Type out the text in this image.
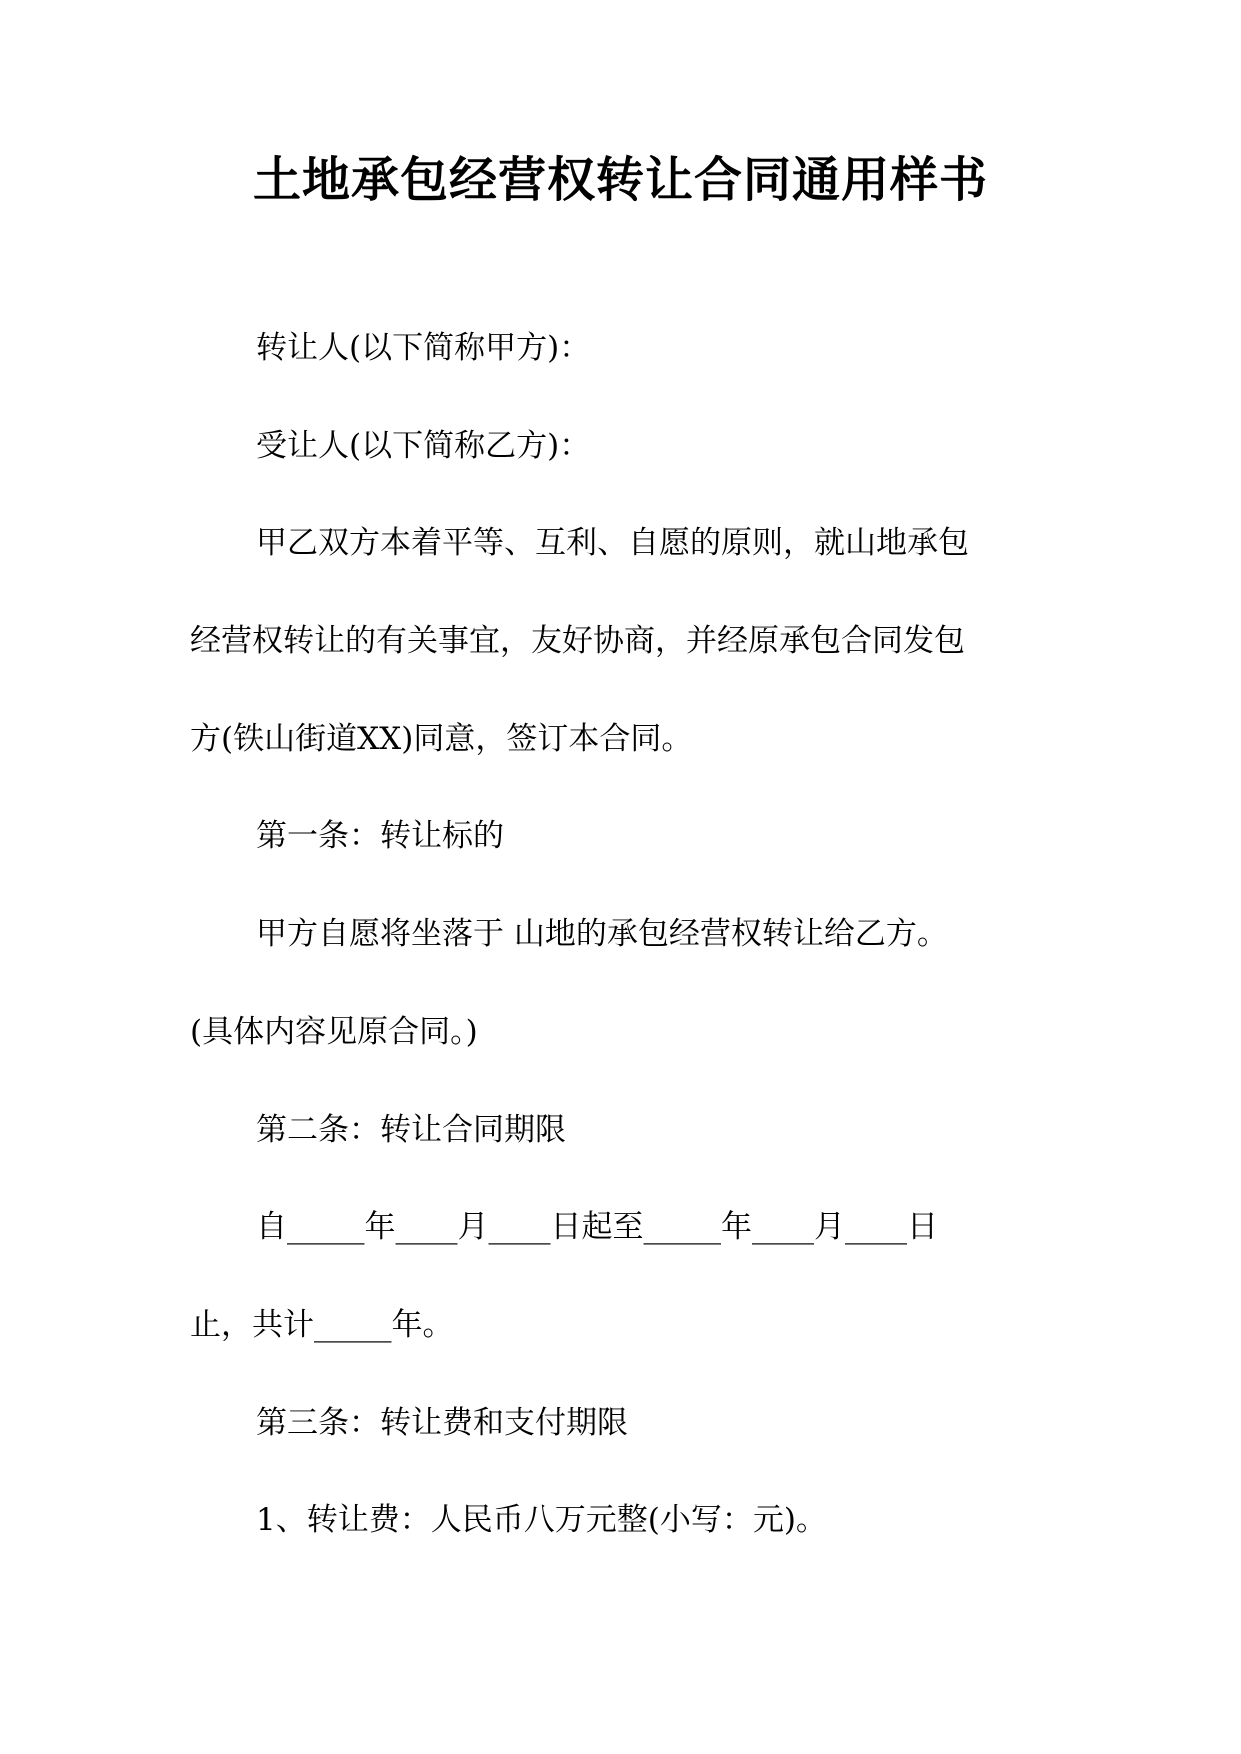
土地承包经营权转让合同通用样书
转让人(以下简称甲方)：
受让人(以下简称乙方)：
甲乙双方本着平等、互利、自愿的原则，就山地承包
经营权转让的有关事宜，友好协商，并经原承包合同发包
方(铁山街道XX)同意，签订本合同。
第一条：转让标的
甲方自愿将坐落于 山地的承包经营权转让给乙方。
(具体内容见原合同。)
第二条：转让合同期限
自_____年____月____日起至_____年____月____日
止，共计_____年。
第三条：转让费和支付期限
1、转让费：人民币八万元整(小写：元)。
